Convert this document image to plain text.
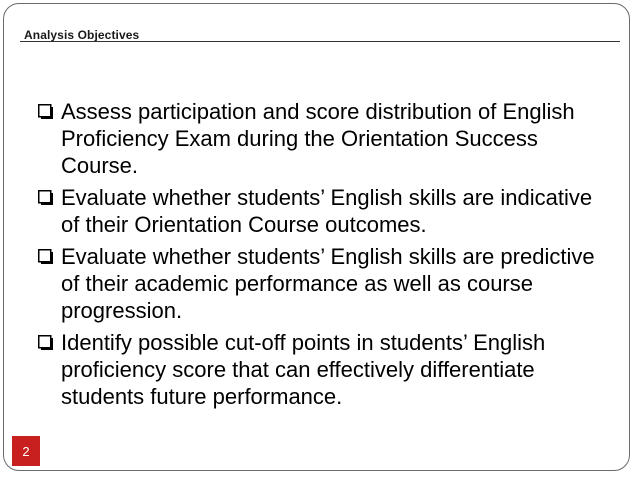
Analysis Objectives
Assess participation and score distribution of English Proficiency Exam during the Orientation Success Course.
Evaluate whether students’ English skills are indicative of their Orientation Course outcomes.
Evaluate whether students’ English skills are predictive of their academic performance as well as course progression.
Identify possible cut-off points in students’ English proficiency score that can effectively differentiate students future performance.
2
